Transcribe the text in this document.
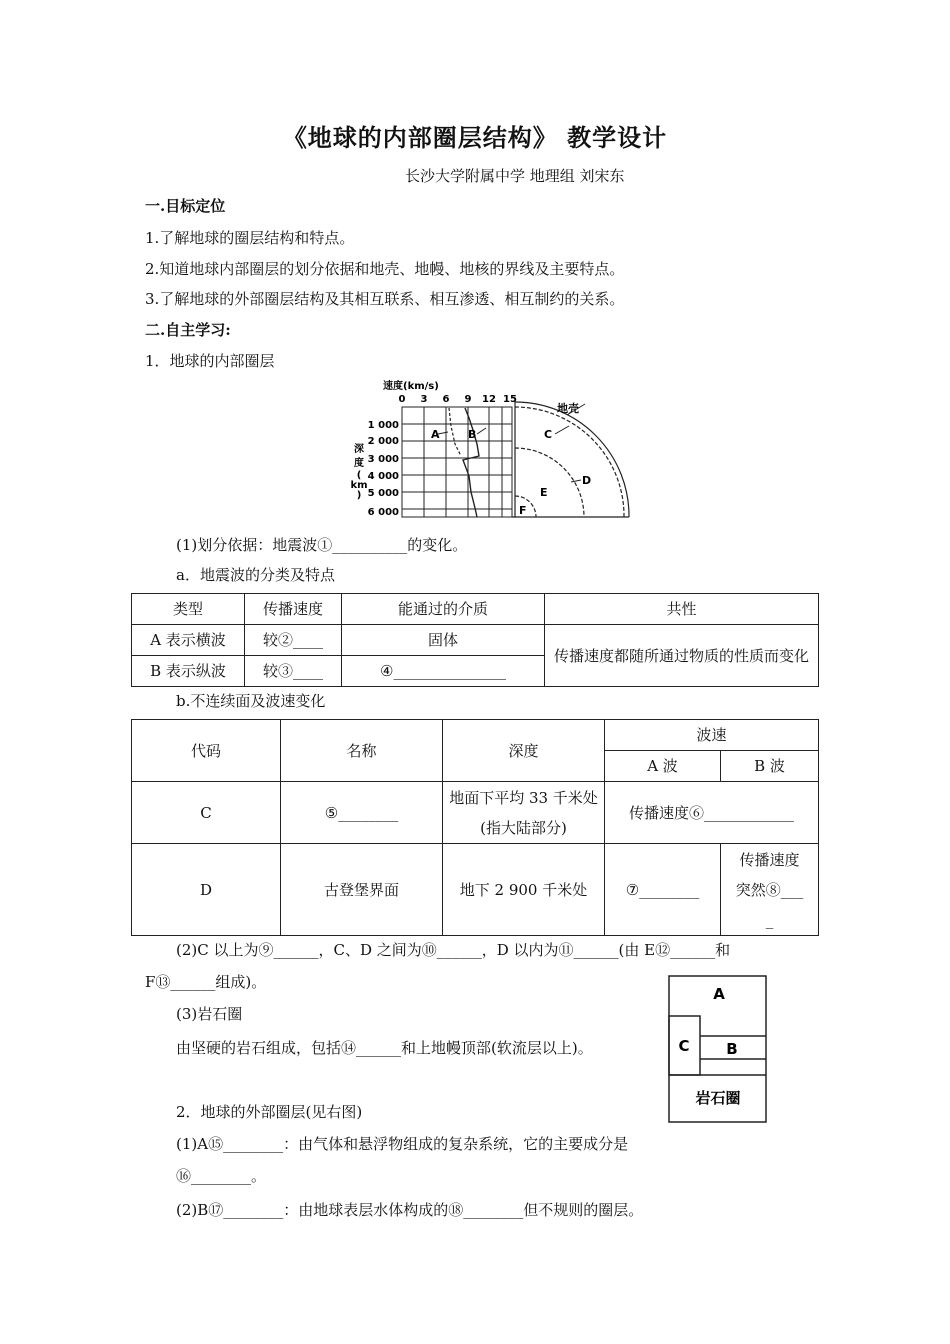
《地球的内部圈层结构》 教学设计
长沙大学附属中学 地理组 刘宋东
一.目标定位
1.了解地球的圈层结构和特点。
2.知道地球内部圈层的划分依据和地壳、地幔、地核的界线及主要特点。
3.了解地球的外部圈层结构及其相互联系、相互渗透、相互制约的关系。
二.自主学习:
1．地球的内部圈层
速度(km/s)
0 3 6 9 12 15
1 000
2 000
3 000
4 000
5 000
6 000
深
度
(
km
)
A	B
地壳
C
D
E
F
(1)划分依据：地震波①__________的变化。
a．地震波的分类及特点
类型	传播速度	能通过的介质	共性
A 表示横波	较②____	固体	传播速度都随所通过物质的性质而变化
B 表示纵波	较③____	④_______________	
b.不连续面及波速变化
代码	名称	深度	波速	
			A 波	B 波
C	⑤________	地面下平均 33 千米处(指大陆部分)	传播速度⑥____________	
D	古登堡界面	地下 2 900 千米处	⑦________	传播速度突然⑧____
(2)C 以上为⑨______，C、D 之间为⑩______，D 以内为⑪______(由 E⑫______和
F⑬______组成)。
(3)岩石圈
由坚硬的岩石组成，包括⑭______和上地幔顶部(软流层以上)。
A
C B
岩石圈
2．地球的外部圈层(见右图)
(1)A⑮________：由气体和悬浮物组成的复杂系统，它的主要成分是
⑯________。
(2)B⑰________：由地球表层水体构成的⑱________但不规则的圈层。
